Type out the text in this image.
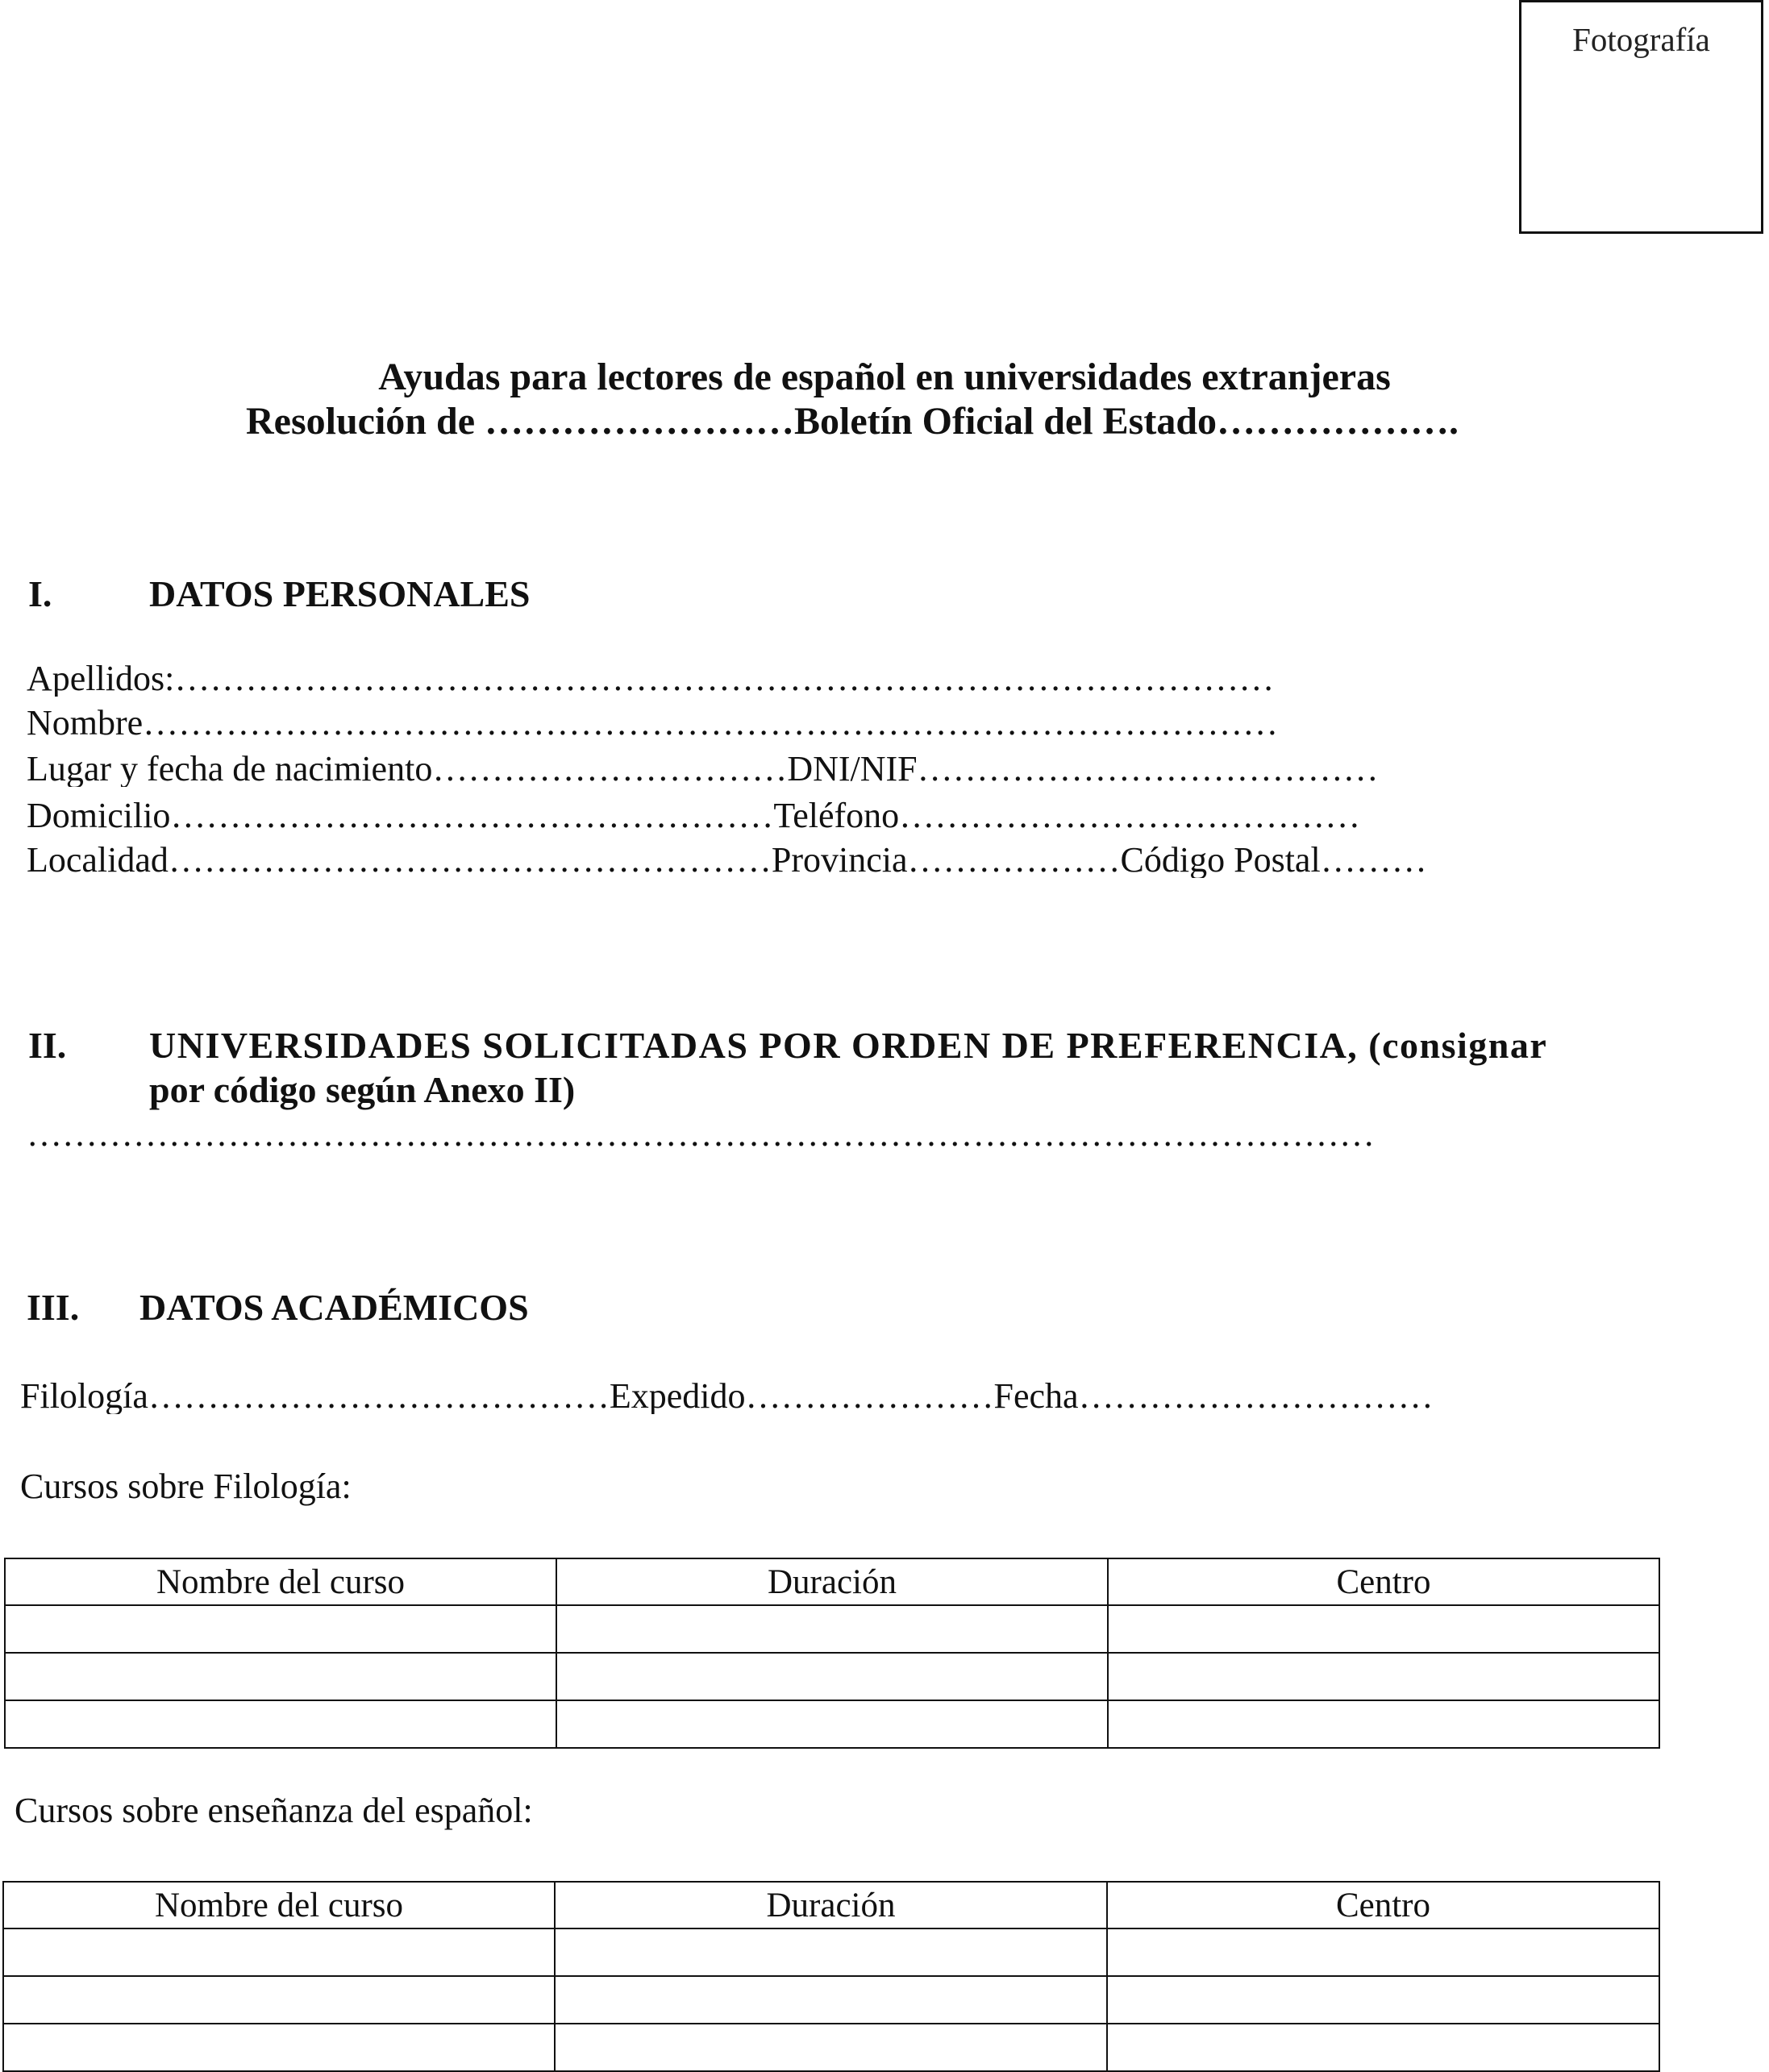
Fotografía
Ayudas para lectores de español en universidades extranjeras
Resolución de ……………………Boletín Oficial del Estado……………….
I.	DATOS PERSONALES
Apellidos:…………………………………………………………………………………
Nombre……………………………………………………………………………………
Lugar y fecha de nacimiento…………………………DNI/NIF…………………………………
Domicilio……………………………………………Teléfono…………………………………
Localidad……………………………………………Provincia………………Código Postal………
II. UNIVERSIDADES SOLICITADAS POR ORDEN DE PREFERENCIA, (consignar
por código según Anexo II)
……………………………………………………………………………………………………
III. DATOS ACADÉMICOS
Filología…………………………………Expedido…………………Fecha…………………………
Cursos sobre Filología:
Nombre del curso	Duración	Centro

Cursos sobre enseñanza del español:
Nombre del curso	Duración	Centro
